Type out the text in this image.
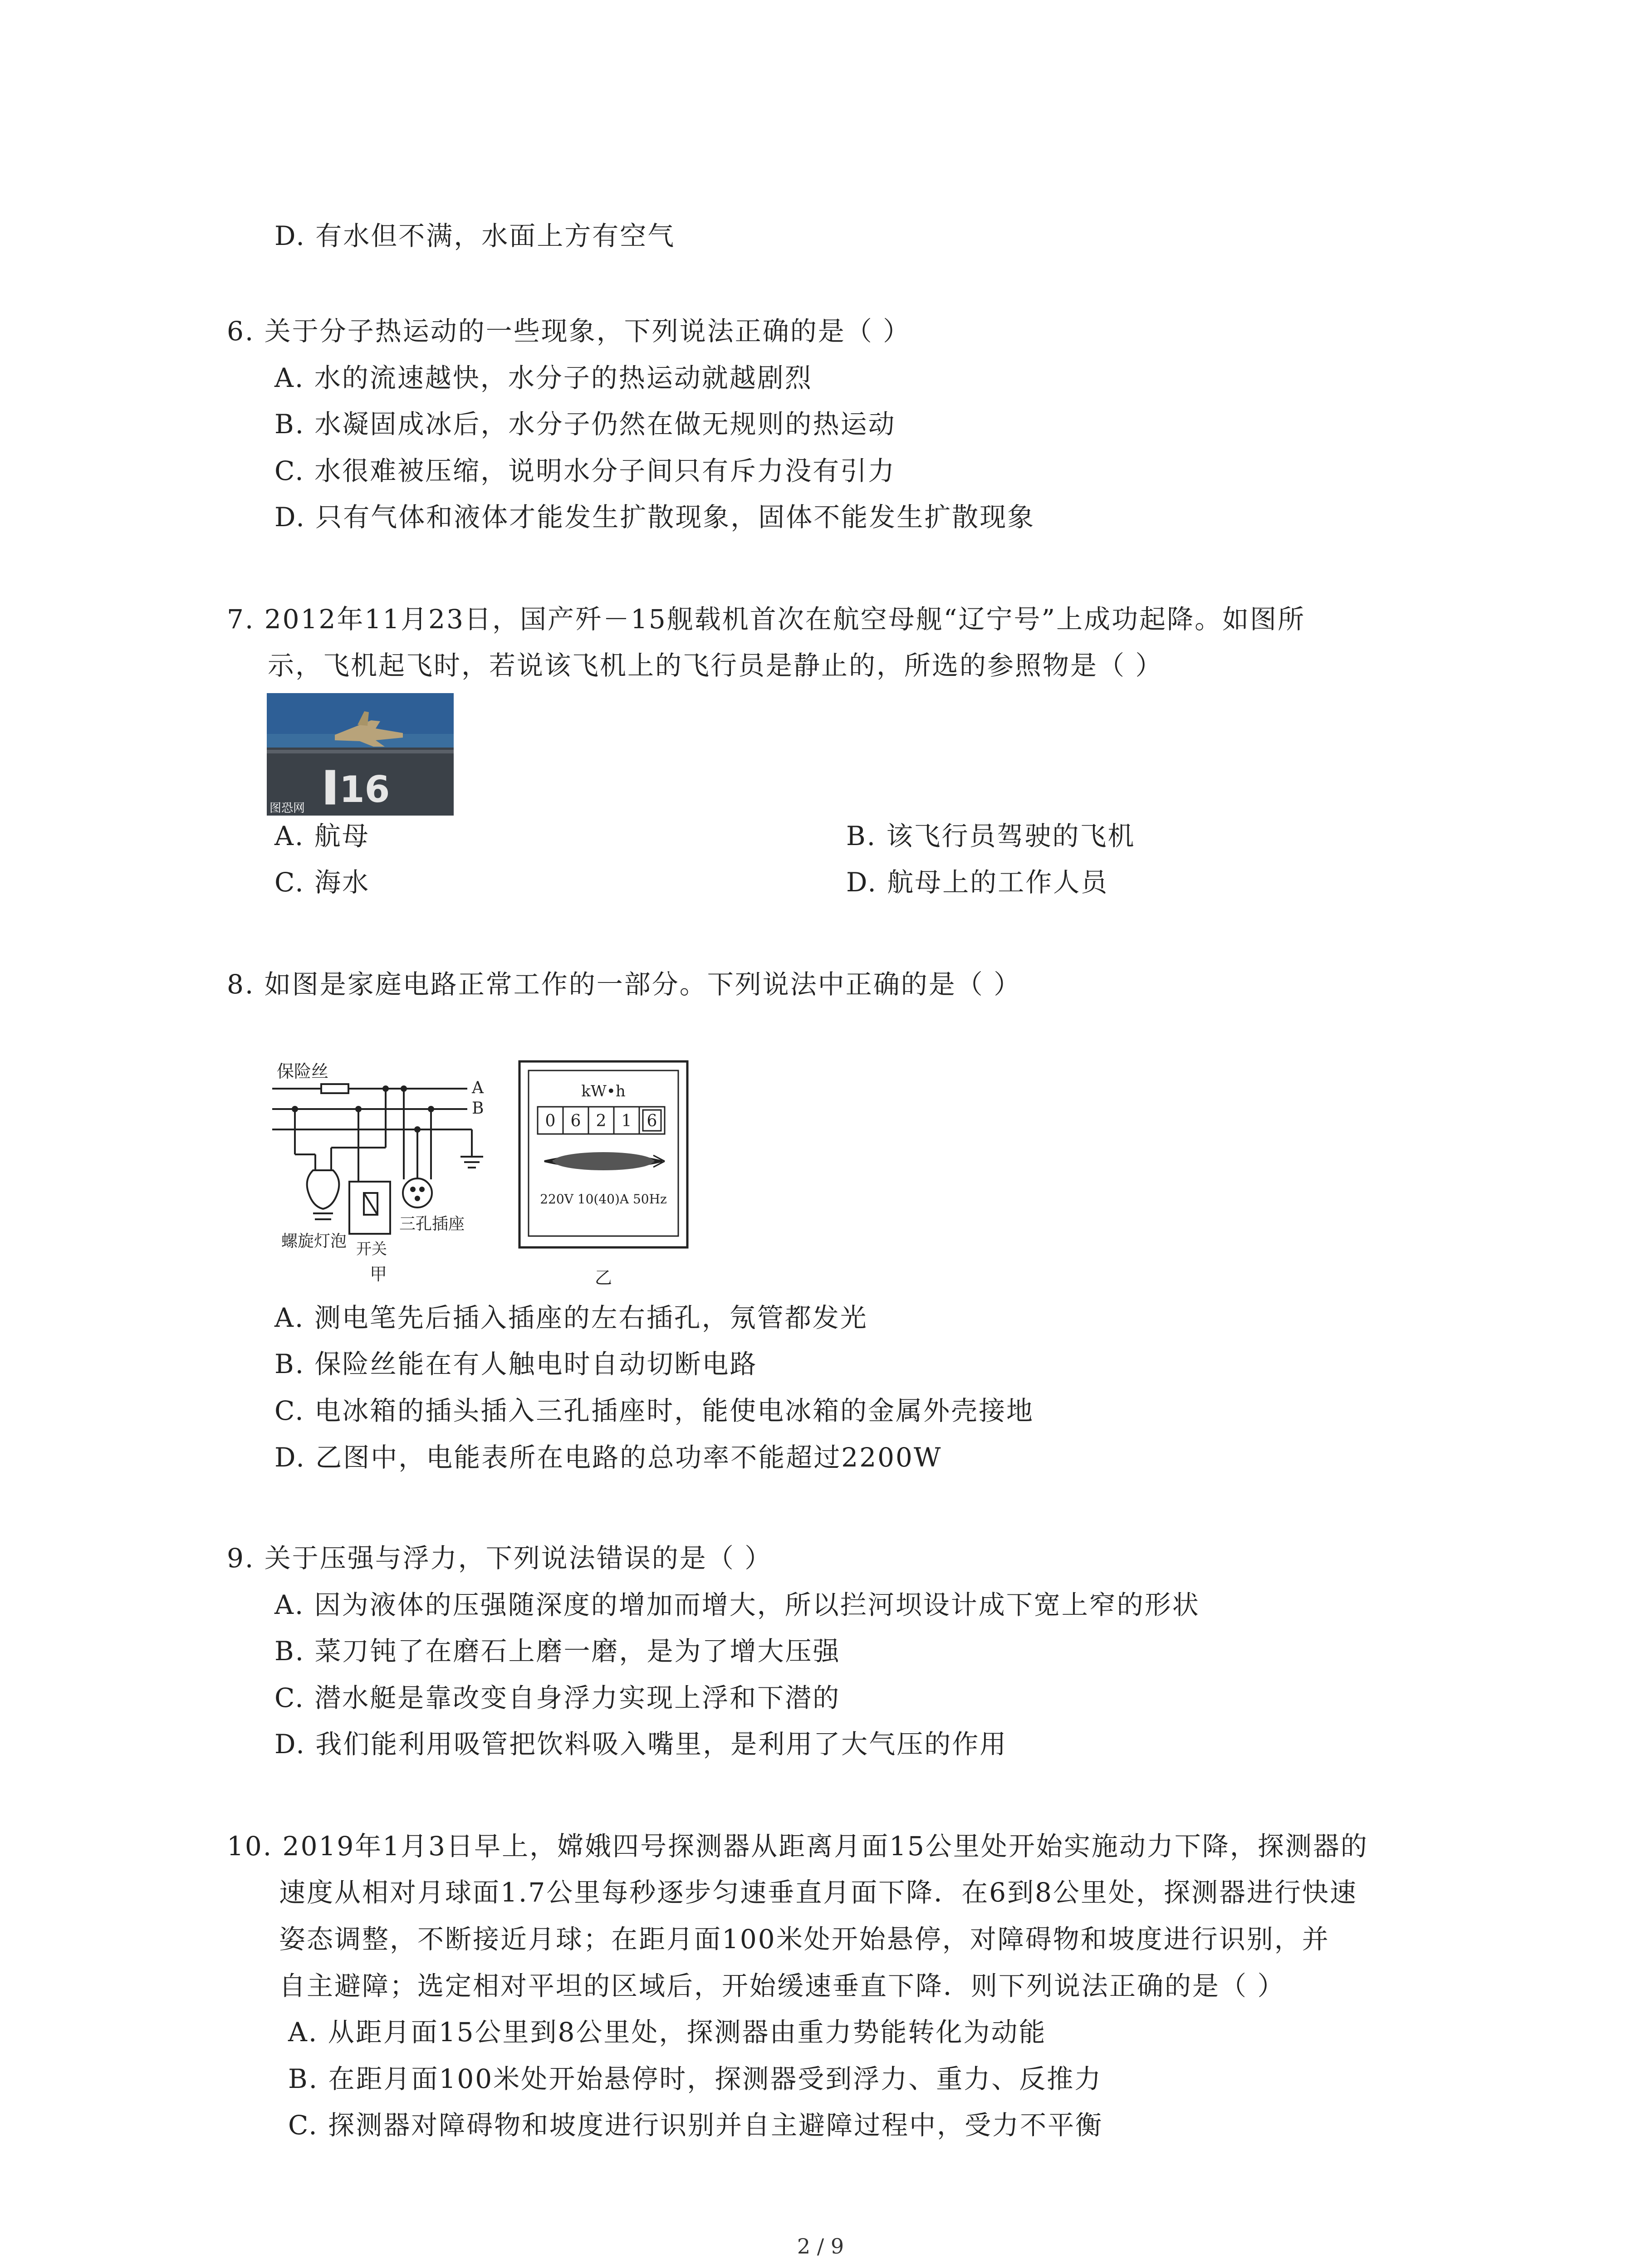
D. 有水但不满，水面上方有空气
6. 关于分子热运动的一些现象，下列说法正确的是（ ）
A. 水的流速越快，水分子的热运动就越剧烈
B. 水凝固成冰后，水分子仍然在做无规则的热运动
C. 水很难被压缩，说明水分子间只有斥力没有引力
D. 只有气体和液体才能发生扩散现象，固体不能发生扩散现象
7. 2012年11月23日，国产歼－15舰载机首次在航空母舰“辽宁号”上成功起降。如图所
示，飞机起飞时，若说该飞机上的飞行员是静止的，所选的参照物是（ ）
16
图恐网
A. 航母	B. 该飞行员驾驶的飞机
C. 海水	D. 航母上的工作人员
8. 如图是家庭电路正常工作的一部分。下列说法中正确的是（ ）
保险丝
A
B
螺旋灯泡 开关
三孔插座
甲
kW•h
0 6 2 1 6
220V 10(40)A 50Hz
乙
A. 测电笔先后插入插座的左右插孔，氖管都发光
B. 保险丝能在有人触电时自动切断电路
C. 电冰箱的插头插入三孔插座时，能使电冰箱的金属外壳接地
D. 乙图中，电能表所在电路的总功率不能超过2200W
9. 关于压强与浮力，下列说法错误的是（ ）
A. 因为液体的压强随深度的增加而增大，所以拦河坝设计成下宽上窄的形状
B. 菜刀钝了在磨石上磨一磨，是为了增大压强
C. 潜水艇是靠改变自身浮力实现上浮和下潜的
D. 我们能利用吸管把饮料吸入嘴里，是利用了大气压的作用
10. 2019年1月3日早上，嫦娥四号探测器从距离月面15公里处开始实施动力下降，探测器的
速度从相对月球面1.7公里每秒逐步匀速垂直月面下降．在6到8公里处，探测器进行快速
姿态调整，不断接近月球；在距月面100米处开始悬停，对障碍物和坡度进行识别，并
自主避障；选定相对平坦的区域后，开始缓速垂直下降．则下列说法正确的是（ ）
A. 从距月面15公里到8公里处，探测器由重力势能转化为动能
B. 在距月面100米处开始悬停时，探测器受到浮力、重力、反推力
C. 探测器对障碍物和坡度进行识别并自主避障过程中，受力不平衡
2 / 9
